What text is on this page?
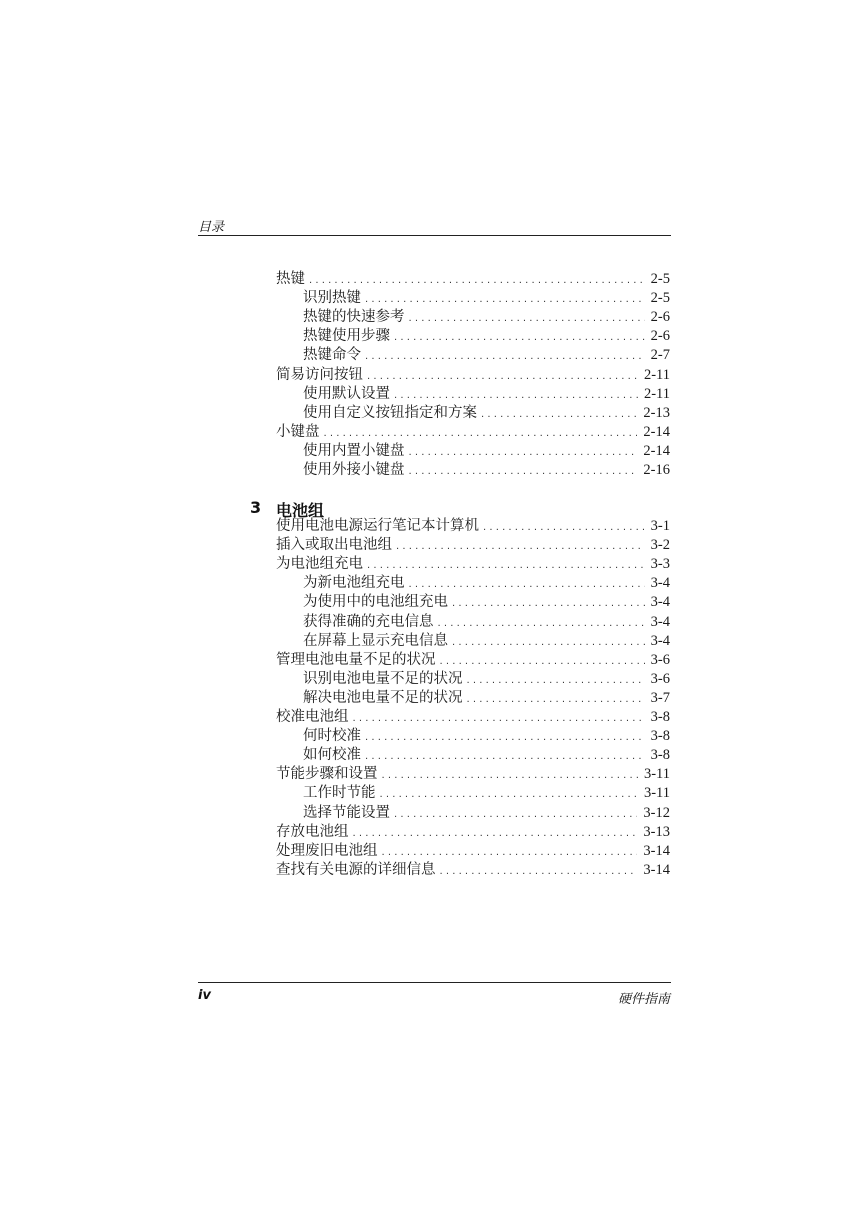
目录
热键 . . .	2-5
识别热键 . . .	2-5
热键的快速参考 . . .	2-6
热键使用步骤 . . .	2-6
热键命令 . . .	2-7
简易访问按钮 . . .	2-11
使用默认设置 . . .	2-11
使用自定义按钮指定和方案 . . .	2-13
小键盘 . . .	2-14
使用内置小键盘 . . .	2-14
使用外接小键盘 . . .	2-16
3 电池组
使用电池电源运行笔记本计算机 . . .	3-1
插入或取出电池组 . . .	3-2
为电池组充电 . . .	3-3
为新电池组充电 . . .	3-4
为使用中的电池组充电 . . .	3-4
获得准确的充电信息 . . .	3-4
在屏幕上显示充电信息 . . .	3-4
管理电池电量不足的状况 . . .	3-6
识别电池电量不足的状况 . . .	3-6
解决电池电量不足的状况 . . .	3-7
校准电池组 . . .	3-8
何时校准 . . .	3-8
如何校准 . . .	3-8
节能步骤和设置 . . .	3-11
工作时节能 . . .	3-11
选择节能设置 . . .	3-12
存放电池组 . . .	3-13
处理废旧电池组 . . .	3-14
查找有关电源的详细信息 . . .	3-14
iv	硬件指南
